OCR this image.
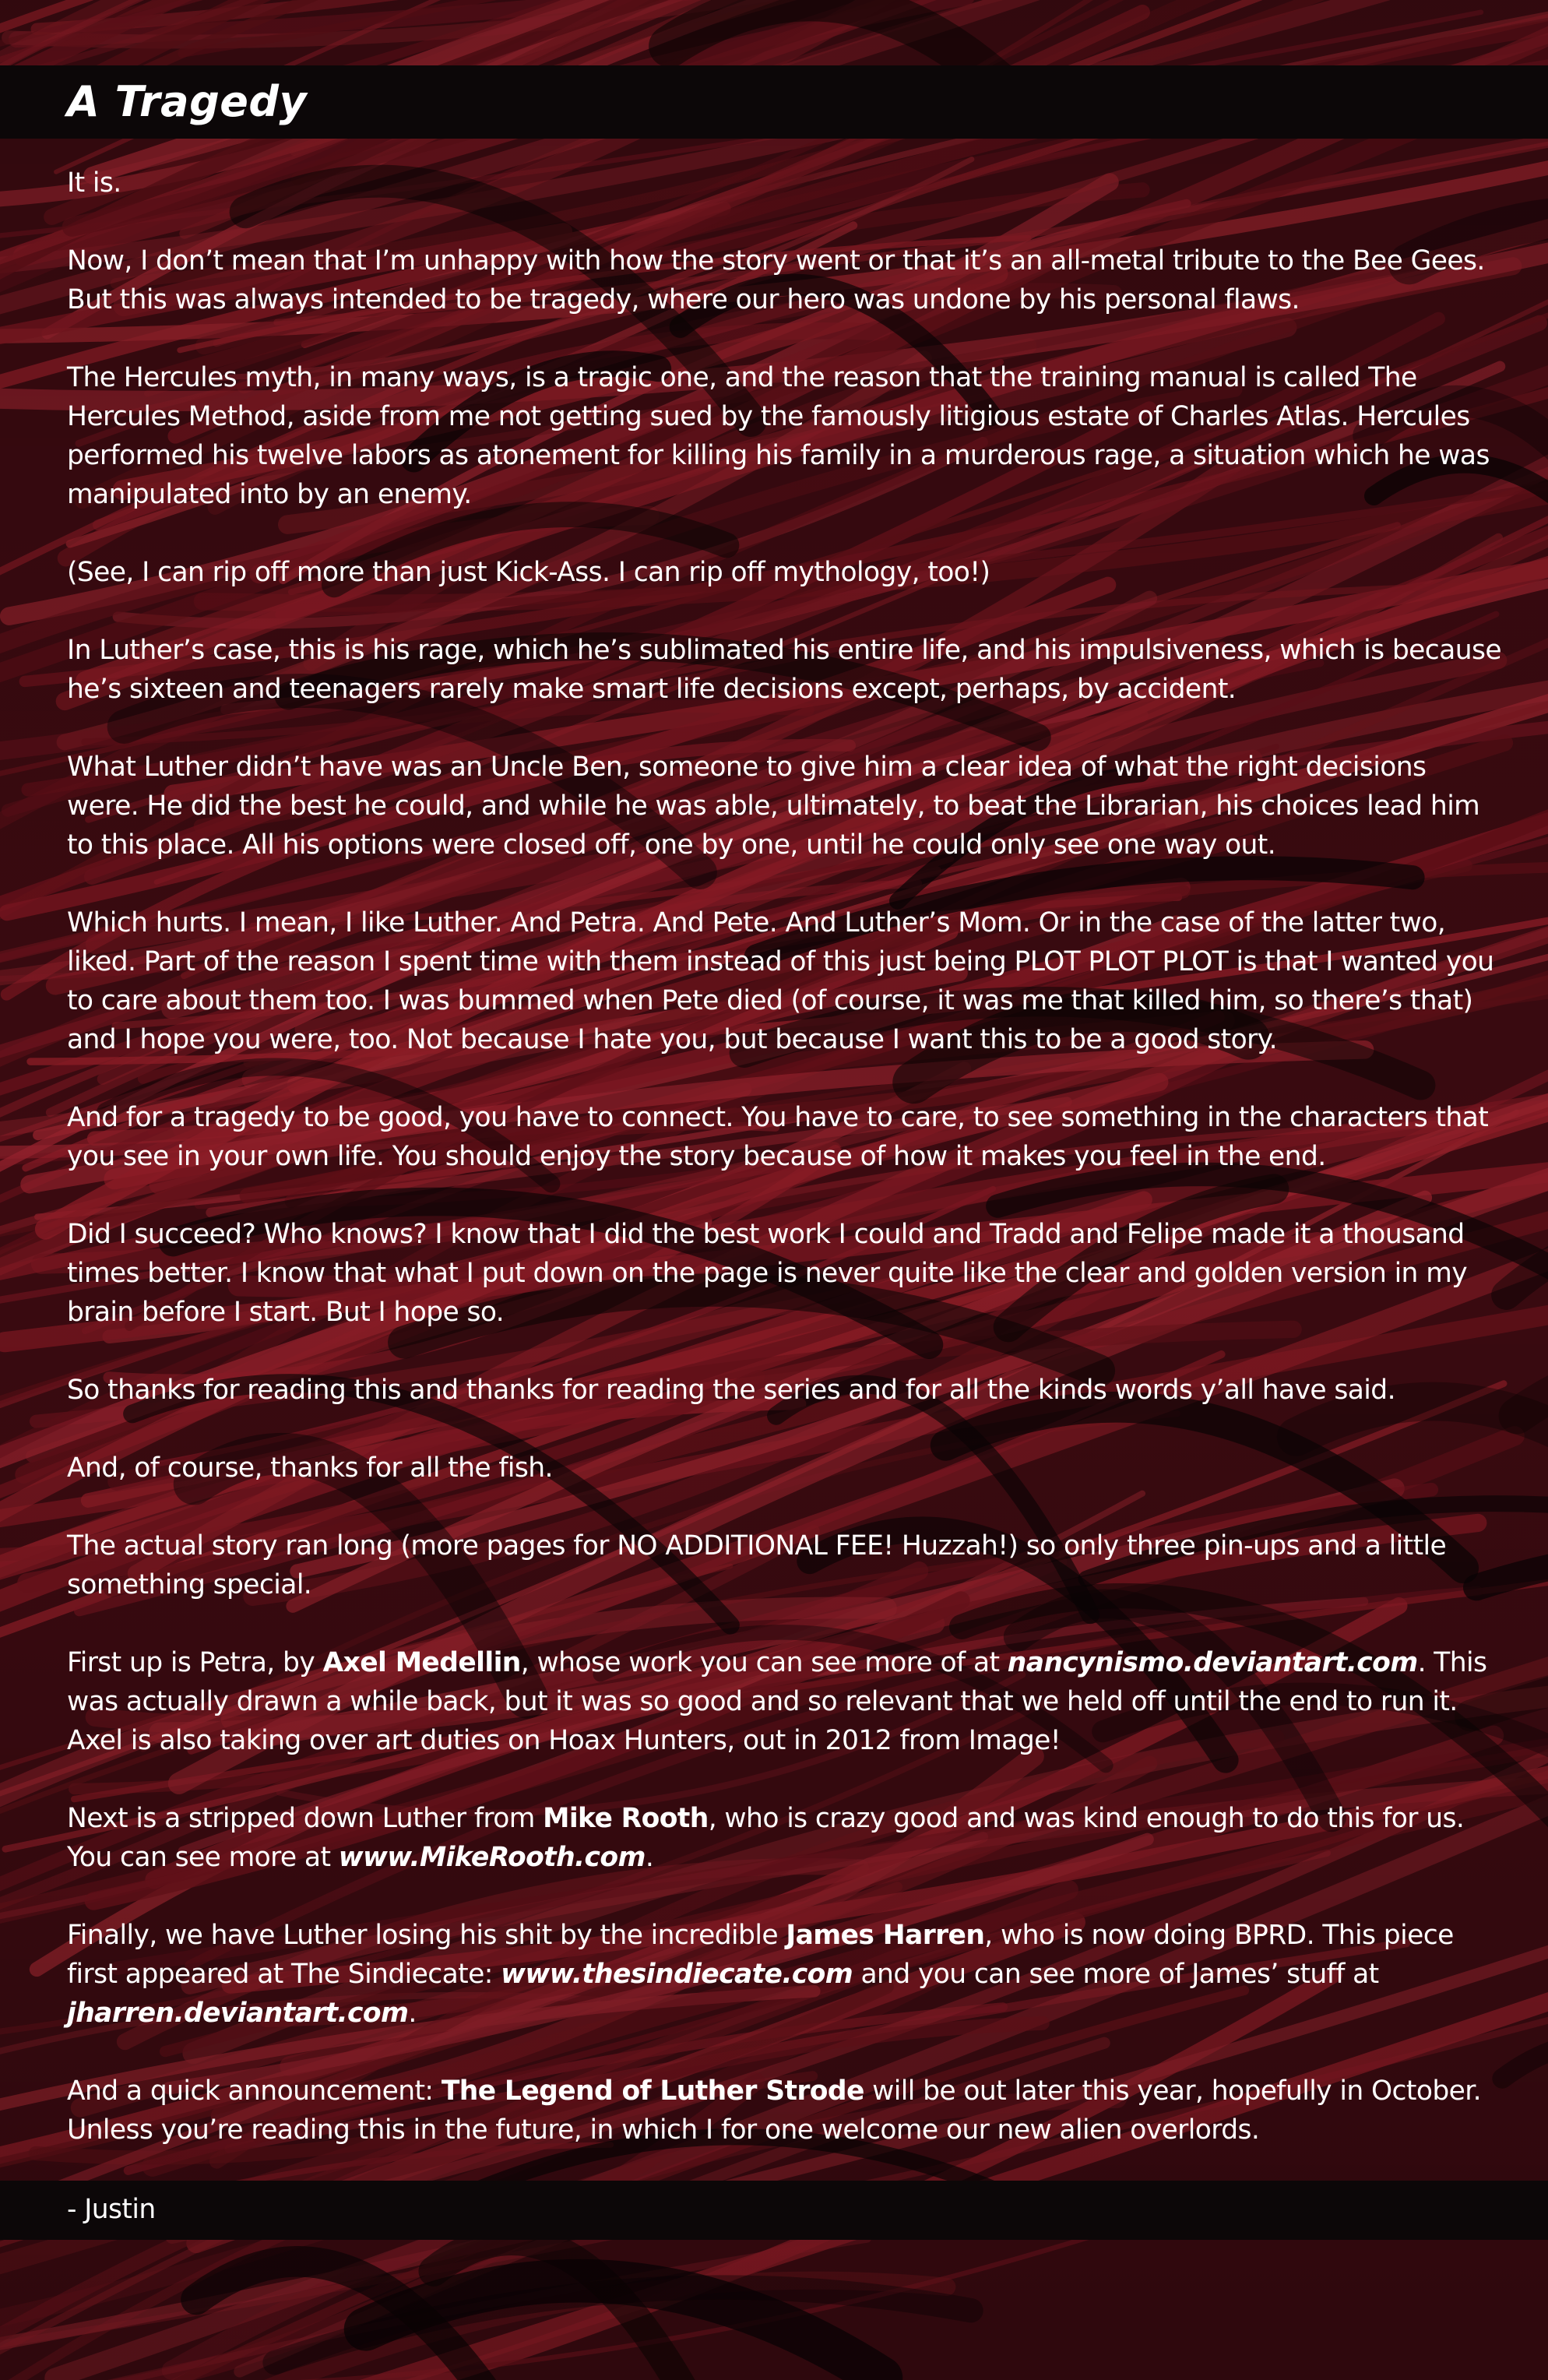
A Tragedy

It is.

Now, I don’t mean that I’m unhappy with how the story went or that it’s an all-metal tribute to the Bee Gees. But this was always intended to be tragedy, where our hero was undone by his personal flaws.

The Hercules myth, in many ways, is a tragic one, and the reason that the training manual is called The Hercules Method, aside from me not getting sued by the famously litigious estate of Charles Atlas. Hercules performed his twelve labors as atonement for killing his family in a murderous rage, a situation which he was manipulated into by an enemy.

(See, I can rip off more than just Kick-Ass. I can rip off mythology, too!)

In Luther’s case, this is his rage, which he’s sublimated his entire life, and his impulsiveness, which is because he’s sixteen and teenagers rarely make smart life decisions except, perhaps, by accident.

What Luther didn’t have was an Uncle Ben, someone to give him a clear idea of what the right decisions were. He did the best he could, and while he was able, ultimately, to beat the Librarian, his choices lead him to this place. All his options were closed off, one by one, until he could only see one way out.

Which hurts. I mean, I like Luther. And Petra. And Pete. And Luther’s Mom. Or in the case of the latter two, liked. Part of the reason I spent time with them instead of this just being PLOT PLOT PLOT is that I wanted you to care about them too. I was bummed when Pete died (of course, it was me that killed him, so there’s that) and I hope you were, too. Not because I hate you, but because I want this to be a good story.

And for a tragedy to be good, you have to connect. You have to care, to see something in the characters that you see in your own life. You should enjoy the story because of how it makes you feel in the end.

Did I succeed? Who knows? I know that I did the best work I could and Tradd and Felipe made it a thousand times better. I know that what I put down on the page is never quite like the clear and golden version in my brain before I start. But I hope so.

So thanks for reading this and thanks for reading the series and for all the kinds words y’all have said.

And, of course, thanks for all the fish.

The actual story ran long (more pages for NO ADDITIONAL FEE! Huzzah!) so only three pin-ups and a little something special.

First up is Petra, by Axel Medellin, whose work you can see more of at nancynismo.deviantart.com. This was actually drawn a while back, but it was so good and so relevant that we held off until the end to run it. Axel is also taking over art duties on Hoax Hunters, out in 2012 from Image!

Next is a stripped down Luther from Mike Rooth, who is crazy good and was kind enough to do this for us. You can see more at www.MikeRooth.com.

Finally, we have Luther losing his shit by the incredible James Harren, who is now doing BPRD. This piece first appeared at The Sindiecate: www.thesindiecate.com and you can see more of James’ stuff at jharren.deviantart.com.

And a quick announcement: The Legend of Luther Strode will be out later this year, hopefully in October. Unless you’re reading this in the future, in which I for one welcome our new alien overlords.

- Justin
